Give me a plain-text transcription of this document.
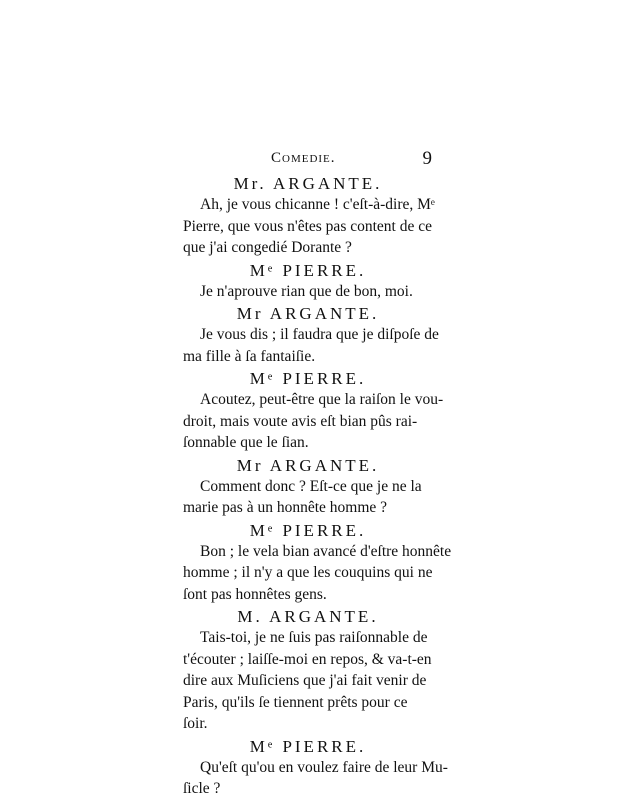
Comedie.	9
Mr. ARGANTE.

Ah, je vous chicanne ! c'eſt-à-dire, Mᵉ
Pierre, que vous n'êtes pas content de ce
que j'ai congedié Dorante ?

Mᵉ PIERRE.

Je n'aprouve rian que de bon, moi.

Mr ARGANTE.

Je vous dis ; il faudra que je diſpoſe de
ma fille à ſa fantaiſie.

Mᵉ PIERRE.

Acoutez, peut-être que la raiſon le vou-
droit, mais voute avis eſt bian pûs rai-
ſonnable que le ſian.

Mr ARGANTE.

Comment donc ? Eſt-ce que je ne la
marie pas à un honnête homme ?

Mᵉ PIERRE.

Bon ; le vela bian avancé d'eſtre honnête
homme ; il n'y a que les couquins qui ne
ſont pas honnêtes gens.

M. ARGANTE.

Tais-toi, je ne ſuis pas raiſonnable de
t'écouter ; laiſſe-moi en repos, & va-t-en
dire aux Muſiciens que j'ai fait venir de
Paris, qu'ils ſe tiennent prêts pour ce
ſoir.

Mᵉ PIERRE.

Qu'eſt qu'ou en voulez faire de leur Mu-
ſicle ?
